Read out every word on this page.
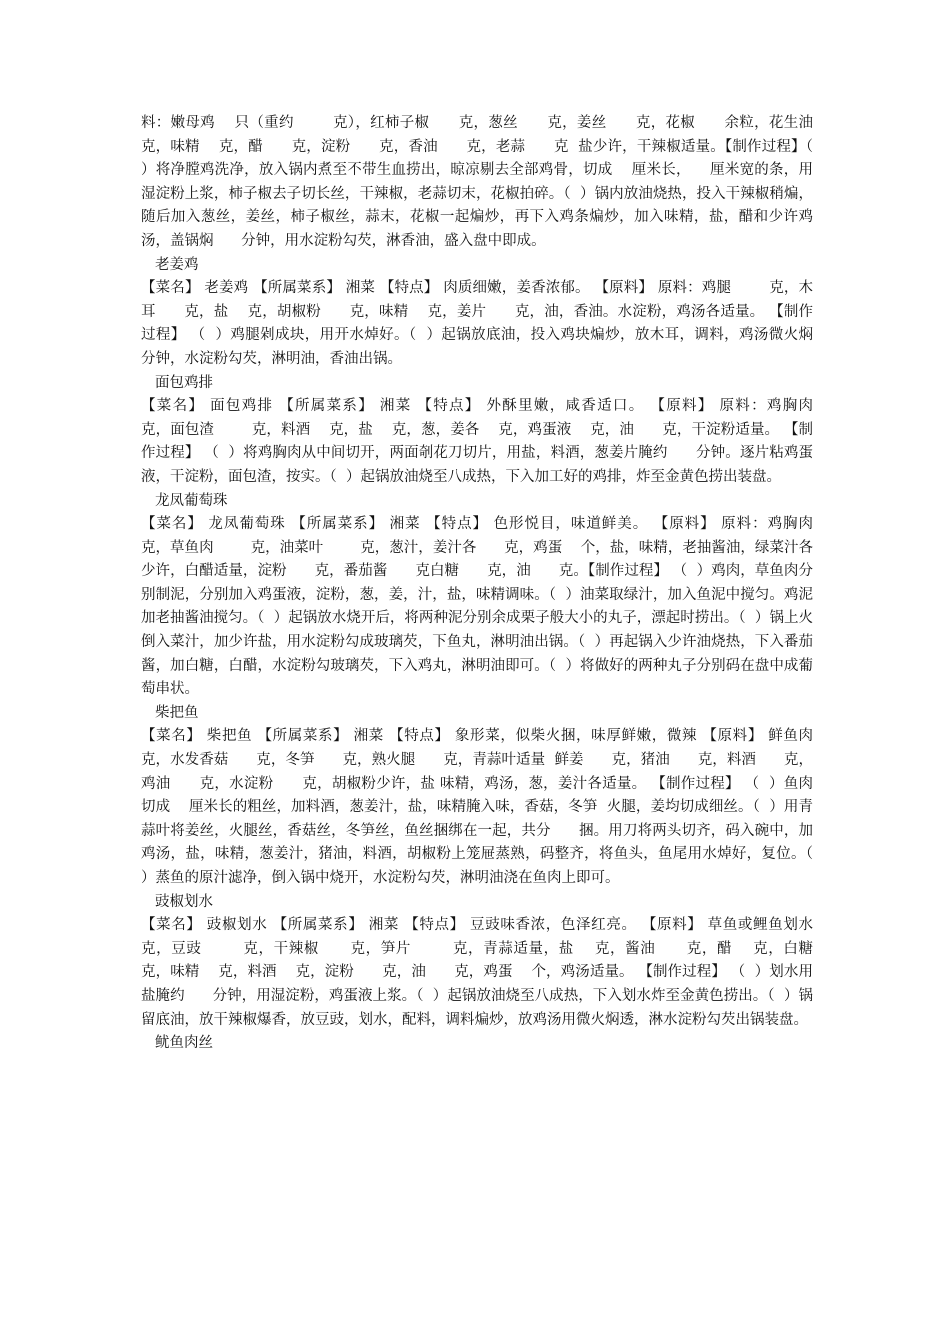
料：嫩母鸡    只（重约        克），红柿子椒      克，葱丝      克，姜丝      克，花椒      余粒，花生油      克，味精    克，醋      克，淀粉      克，香油      克，老蒜      克  盐少许，干辣椒适量。【制作过程】（  ）将净膛鸡洗净，放入锅内煮至不带生血捞出，晾凉剔去全部鸡骨，切成    厘米长，    厘米宽的条，用湿淀粉上浆，柿子椒去子切长丝，干辣椒，老蒜切末，花椒拍碎。（  ）锅内放油烧热，投入干辣椒稍煸，随后加入葱丝，姜丝，柿子椒丝，蒜末，花椒一起煸炒，再下入鸡条煸炒，加入味精，盐，醋和少许鸡汤，盖锅焖      分钟，用水淀粉勾芡，淋香油，盛入盘中即成。

老姜鸡

【菜名】 老姜鸡 【所属菜系】 湘菜 【特点】 肉质细嫩，姜香浓郁。 【原料】 原料：鸡腿        克，木耳      克，盐    克，胡椒粉      克，味精    克，姜片      克，油，香油。水淀粉，鸡汤各适量。 【制作过程】 （  ）鸡腿剁成块，用开水焯好。（  ）起锅放底油，投入鸡块煸炒，放木耳，调料，鸡汤微火焖      分钟，水淀粉勾芡，淋明油，香油出锅。

面包鸡排

【菜名】 面包鸡排 【所属菜系】 湘菜 【特点】 外酥里嫩，咸香适口。 【原料】 原料：鸡胸肉        克，面包渣        克，料酒    克，盐    克，葱，姜各    克，鸡蛋液    克，油      克，干淀粉适量。 【制作过程】 （  ）将鸡胸肉从中间切开，两面剞花刀切片，用盐，料酒，葱姜片腌约      分钟。逐片粘鸡蛋液，干淀粉，面包渣，按实。（  ）起锅放油烧至八成热，下入加工好的鸡排，炸至金黄色捞出装盘。

龙凤葡萄珠

【菜名】 龙凤葡萄珠 【所属菜系】 湘菜 【特点】 色形悦目，味道鲜美。 【原料】 原料：鸡胸肉        克，草鱼肉        克，油菜叶        克，葱汁，姜汁各      克，鸡蛋    个，盐，味精，老抽酱油，绿菜汁各少许，白醋适量，淀粉      克，番茄酱      克白糖      克，油      克。【制作过程】 （  ）鸡肉，草鱼肉分别制泥，分别加入鸡蛋液，淀粉，葱，姜，汁，盐，味精调味。（  ）油菜取绿汁，加入鱼泥中搅匀。鸡泥加老抽酱油搅匀。（  ）起锅放水烧开后，将两种泥分别余成栗子般大小的丸子，漂起时捞出。（  ）锅上火倒入菜汁，加少许盐，用水淀粉勾成玻璃芡，下鱼丸，淋明油出锅。（  ）再起锅入少许油烧热，下入番茄酱，加白糖，白醋，水淀粉勾玻璃芡，下入鸡丸，淋明油即可。（  ）将做好的两种丸子分别码在盘中成葡萄串状。

柴把鱼

【菜名】 柴把鱼 【所属菜系】 湘菜 【特点】 象形菜，似柴火捆，味厚鲜嫩，微辣 【原料】 鲜鱼肉        克，水发香菇      克，冬笋      克，熟火腿      克，青蒜叶适量  鲜姜      克，猪油      克，料酒      克，鸡油      克，水淀粉      克，胡椒粉少许，盐 味精，鸡汤，葱，姜汁各适量。 【制作过程】 （  ）鱼肉切成    厘米长的粗丝，加料酒，葱姜汁，盐，味精腌入味，香菇，冬笋  火腿，姜均切成细丝。（  ）用青蒜叶将姜丝，火腿丝，香菇丝，冬笋丝，鱼丝捆绑在一起，共分      捆。用刀将两头切齐，码入碗中，加鸡汤，盐，味精，葱姜汁，猪油，料酒，胡椒粉上笼屉蒸熟，码整齐，将鱼头，鱼尾用水焯好，复位。（  ）蒸鱼的原汁滤净，倒入锅中烧开，水淀粉勾芡，淋明油浇在鱼肉上即可。

豉椒划水

【菜名】 豉椒划水 【所属菜系】 湘菜 【特点】 豆豉味香浓，色泽红亮。 【原料】 草鱼或鲤鱼划水        克，豆豉        克，干辣椒      克，笋片        克，青蒜适量，盐    克，酱油      克，醋    克，白糖    克，味精    克，料酒    克，淀粉      克，油      克，鸡蛋    个，鸡汤适量。 【制作过程】 （  ）划水用盐腌约      分钟，用湿淀粉，鸡蛋液上浆。（  ）起锅放油烧至八成热，下入划水炸至金黄色捞出。（  ）锅留底油，放干辣椒爆香，放豆豉，划水，配料，调料煸炒，放鸡汤用微火焖透，淋水淀粉勾芡出锅装盘。

鱿鱼肉丝
